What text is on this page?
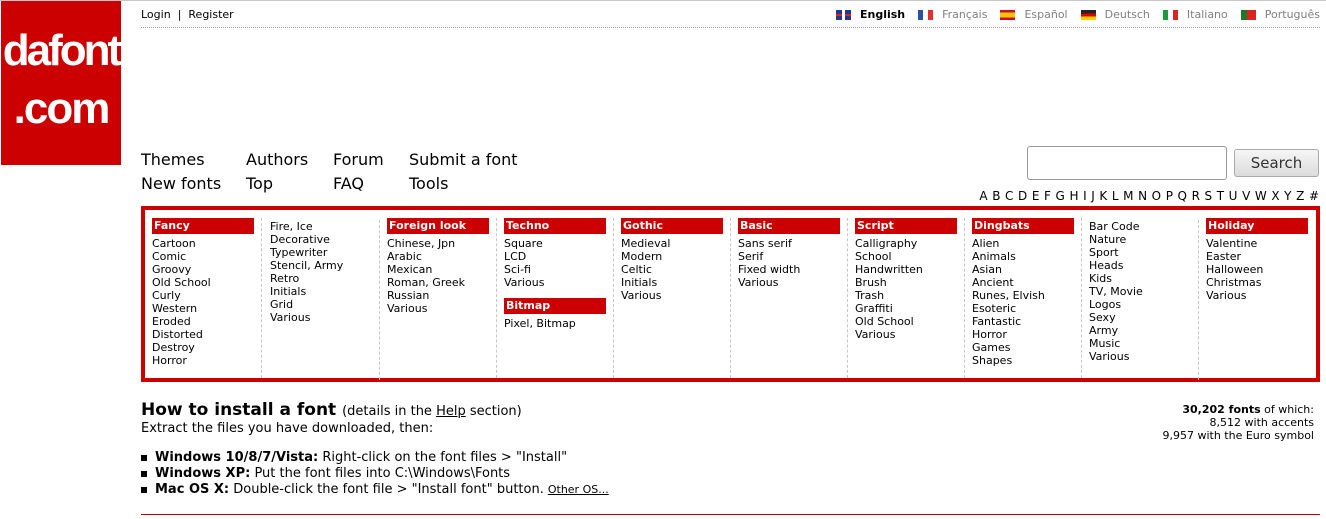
dafont
.com
Login | Register	English	Français	Español	Deutsch	Italiano	Português
Themes
New fonts
Authors
Top
Forum
FAQ
Submit a font
Tools
Search
A B C D E F G H I J K L M N O P Q R S T U V W X Y Z #
Fancy
Cartoon
Comic
Groovy
Old School
Curly
Western
Eroded
Distorted
Destroy
Horror
Fire, Ice
Decorative
Typewriter
Stencil, Army
Retro
Initials
Grid
Various
Foreign look
Chinese, Jpn
Arabic
Mexican
Roman, Greek
Russian
Various
Techno
Square
LCD
Sci-fi
Various
Bitmap
Pixel, Bitmap
Gothic
Medieval
Modern
Celtic
Initials
Various
Basic
Sans serif
Serif
Fixed width
Various
Script
Calligraphy
School
Handwritten
Brush
Trash
Graffiti
Old School
Various
Dingbats
Alien
Animals
Asian
Ancient
Runes, Elvish
Esoteric
Fantastic
Horror
Games
Shapes
Bar Code
Nature
Sport
Heads
Kids
TV, Movie
Logos
Sexy
Army
Music
Various
Holiday
Valentine
Easter
Halloween
Christmas
Various
How to install a font (details in the Help section)
Extract the files you have downloaded, then:
Windows 10/8/7/Vista: Right-click on the font files > "Install"
Windows XP: Put the font files into C:\Windows\Fonts
Mac OS X: Double-click the font file > "Install font" button. Other OS...
30,202 fonts of which:
8,512 with accents
9,957 with the Euro symbol
